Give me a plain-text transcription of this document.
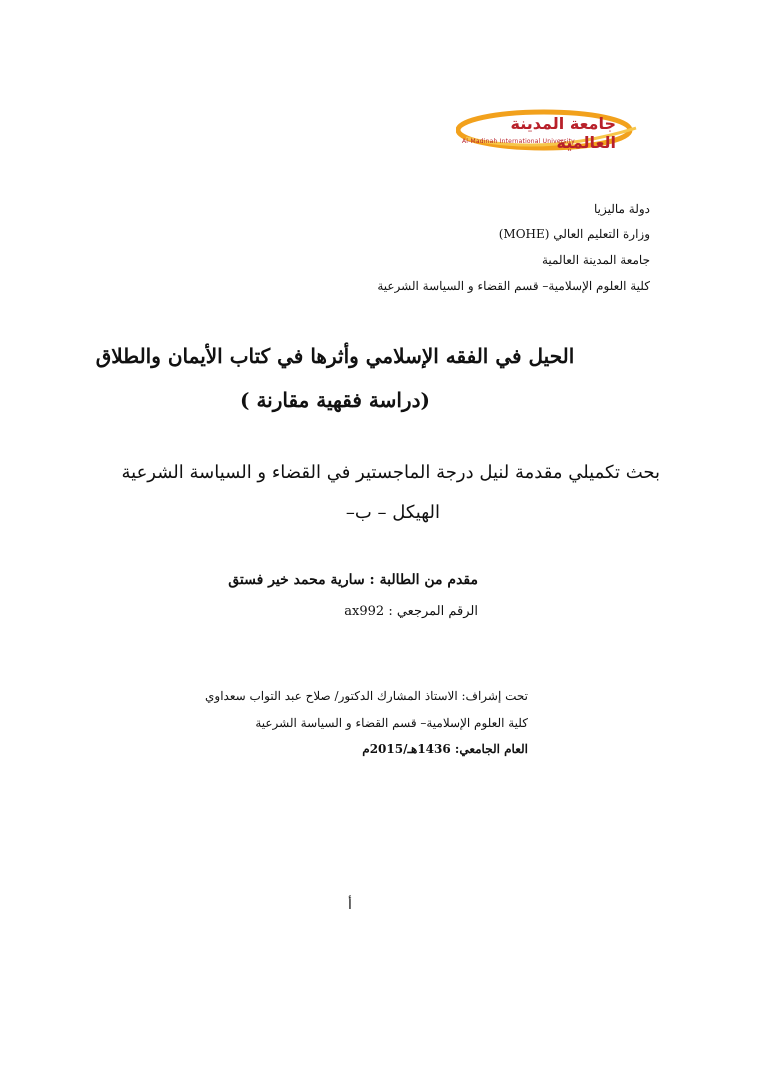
جامعة المدينة العالمية
Al-Madinah International University
دولة ماليزيا
وزارة التعليم العالي (MOHE)
جامعة المدينة العالمية
كلية العلوم الإسلامية– قسم القضاء و السياسة الشرعية
الحيل في الفقه الإسلامي وأثرها في كتاب الأيمان والطلاق
(دراسة فقهية مقارنة )
بحث تكميلي مقدمة لنيل درجة الماجستير في القضاء و السياسة الشرعية
الهيكل – ب–
مقدم من الطالبة : سارية محمد خير فستق
الرقم المرجعي : ax992
تحت إشراف: الاستاذ المشارك الدكتور/ صلاح عبد التواب سعداوي
كلية العلوم الإسلامية– قسم القضاء و السياسة الشرعية
العام الجامعي: 1436هـ/2015م
أ
